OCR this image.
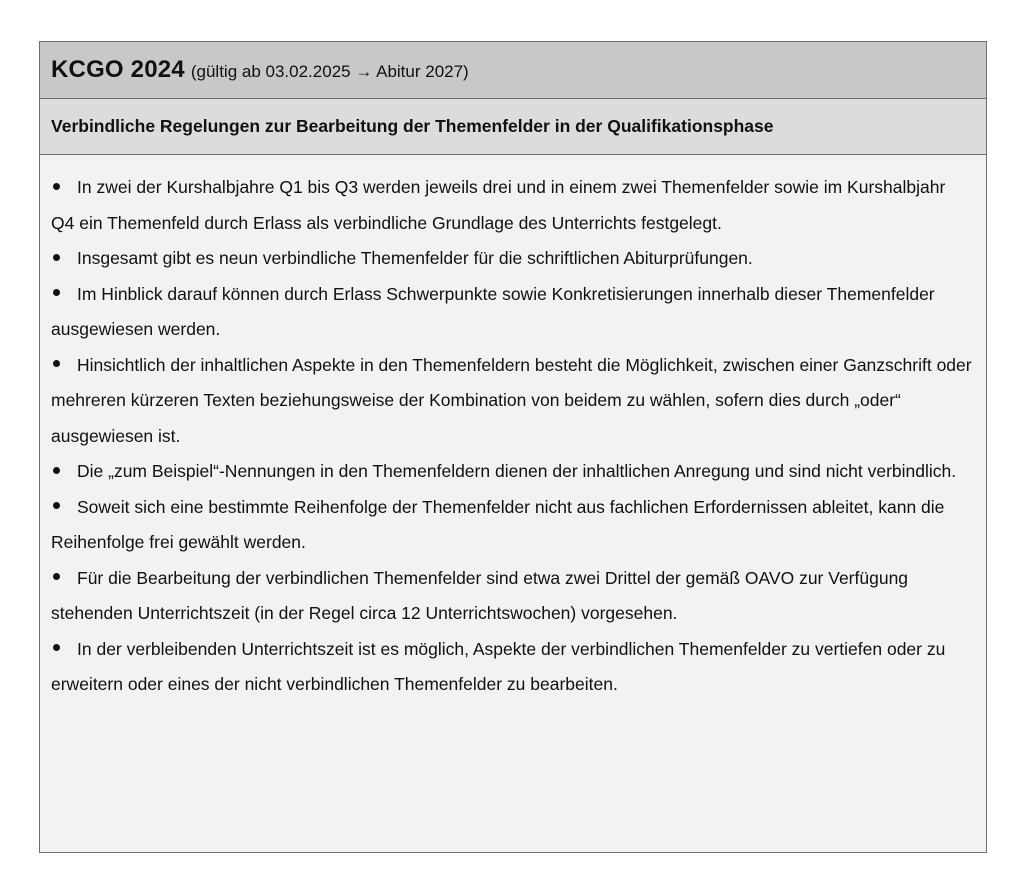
KCGO 2024 (gültig ab 03.02.2025 → Abitur 2027)
Verbindliche Regelungen zur Bearbeitung der Themenfelder in der Qualifikationsphase

In zwei der Kurshalbjahre Q1 bis Q3 werden jeweils drei und in einem zwei Themenfelder sowie im Kurshalbjahr Q4 ein Themenfeld durch Erlass als verbindliche Grundlage des Unterrichts festgelegt.

Insgesamt gibt es neun verbindliche Themenfelder für die schriftlichen Abiturprüfungen.

Im Hinblick darauf können durch Erlass Schwerpunkte sowie Konkretisierungen innerhalb dieser Themenfelder ausgewiesen werden.

Hinsichtlich der inhaltlichen Aspekte in den Themenfeldern besteht die Möglichkeit, zwischen einer Ganzschrift oder mehreren kürzeren Texten beziehungsweise der Kombination von beidem zu wählen, sofern dies durch „oder“ ausgewiesen ist.

Die „zum Beispiel“-Nennungen in den Themenfeldern dienen der inhaltlichen Anregung und sind nicht verbindlich.

Soweit sich eine bestimmte Reihenfolge der Themenfelder nicht aus fachlichen Erfordernissen ableitet, kann die Reihenfolge frei gewählt werden.

Für die Bearbeitung der verbindlichen Themenfelder sind etwa zwei Drittel der gemäß OAVO zur Verfügung stehenden Unterrichtszeit (in der Regel circa 12 Unterrichtswochen) vorgesehen.

In der verbleibenden Unterrichtszeit ist es möglich, Aspekte der verbindlichen Themenfelder zu vertiefen oder zu erweitern oder eines der nicht verbindlichen Themenfelder zu bearbeiten.
